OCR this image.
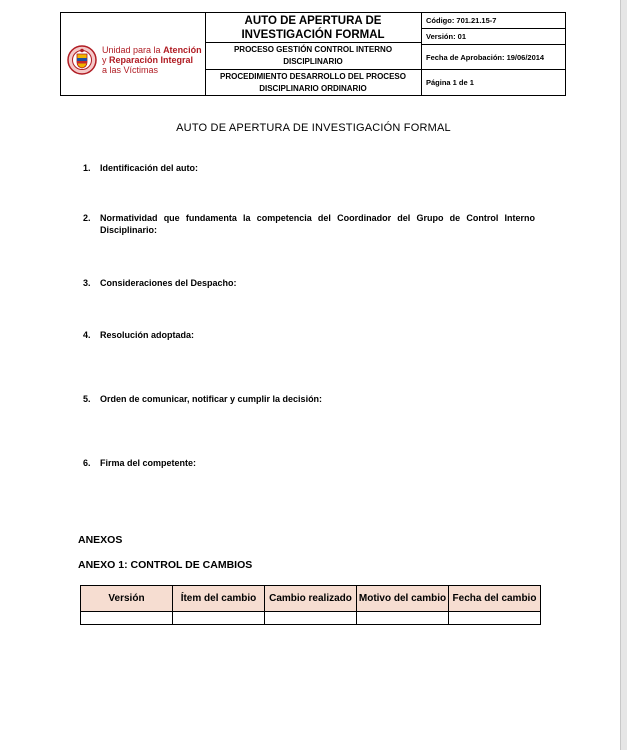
Unidad para la Atención
y Reparación Integral
a las Víctimas
AUTO DE APERTURA DE INVESTIGACIÓN FORMAL
PROCESO GESTIÓN CONTROL INTERNO DISCIPLINARIO
PROCEDIMIENTO DESARROLLO DEL PROCESO DISCIPLINARIO ORDINARIO
Código: 701.21.15-7
Versión: 01
Fecha de Aprobación: 19/06/2014
Página 1 de 1
AUTO DE APERTURA DE INVESTIGACIÓN FORMAL
1.	Identificación del auto:
2.	Normatividad que fundamenta la competencia del Coordinador del Grupo de Control Interno Disciplinario:
3.	Consideraciones del Despacho:
4.	Resolución adoptada:
5.	Orden de comunicar, notificar y cumplir la decisión:
6.	Firma del competente:
ANEXOS
ANEXO 1: CONTROL DE CAMBIOS
Versión	Ítem del cambio	Cambio realizado	Motivo del cambio	Fecha del cambio
